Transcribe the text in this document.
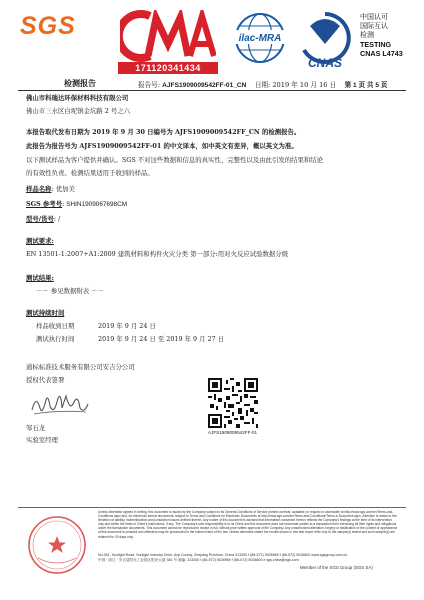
SGS
171120341434
ilac-MRA
CNAS
中国认可
国际互认
检测
TESTING
CNAS L4743
检测报告	报告号: AJFS1909009542FF-01_CN 日期: 2019 年 10 月 16 日 第 1 页 共 5 页
佛山市科瑞达环保材料科技有限公司
佛山市三水区白坭镇金坑路 2 号之六
本报告取代发布日期为 2019 年 9 月 30 日编号为 AJFS1909009542FF_CN 的检测报告。
此报告为报告号为 AJFS1909009542FF-01 的中文译本，如中英文有差异，概以英文为准。
以下测试样品为客户提供并确认。SGS 不对这些数据和信息的真实性、完整性以及由此引发的结果和结论
的有效性负责。检测结果适用于收到的样品。
样品名称: 优加美
SGS 参考号: SHIN1909067698CM
型号/货号: /
测试要求:
EN 13501-1:2007+A1:2009 建筑材料和构件火灾分类 第一部分:用对火反应试验数据分级
测试结果:
－－ 参见数据附表 －－
测试持续时间
样品收到日期	2019 年 9 月 24 日
测试执行时间	2019 年 9 月 24 日 至 2019 年 9 月 27 日
通标标准技术服务有限公司安吉分公司
授权代表签署
邹石龙
实验室经理
AJFS1909009542FF-01
Unless otherwise agreed in writing, this document is issued by the Company subject to its General Conditions of Service printed overleaf, available on request or accessible at http://www.sgs.com/en/Terms-and-Conditions.aspx and, for electronic format documents, subject to Terms and Conditions for Electronic Documents at http://www.sgs.com/en/Terms-and-Conditions/Terms-e-Document.aspx. Attention is drawn to the limitation of liability, indemnification and jurisdiction issues defined therein. Any holder of this document is advised that information contained hereon reflects the Company's findings at the time of its intervention only and within the limits of Client's instructions, if any. The Company's sole responsibility is to its Client and this document does not exonerate parties to a transaction from exercising all their rights and obligations under the transaction documents. This document cannot be reproduced except in full, without prior written approval of the Company. Any unauthorized alteration, forgery or falsification of the content or appearance of this document is unlawful and offenders may be prosecuted to the fullest extent of the law. Unless otherwise stated the results shown in this test report refer only to the sample(s) tested and such sample(s) are retained for 30 days only.
No.381, Sunlight Road, Sunlight Industry Zone, Anji County, Zhejiang Province, China 313300 t (86-572) 5026969 f (86-572) 5026800 www.sgsgroup.com.cn
中国 · 浙江 · 安吉县阳光工业园区阳光大道 381 号 邮编: 313300 t (86-572) 5026969 f (86-572) 5026800 e sgs.china@sgs.com
Member of the SGS Group (SGS SA)
